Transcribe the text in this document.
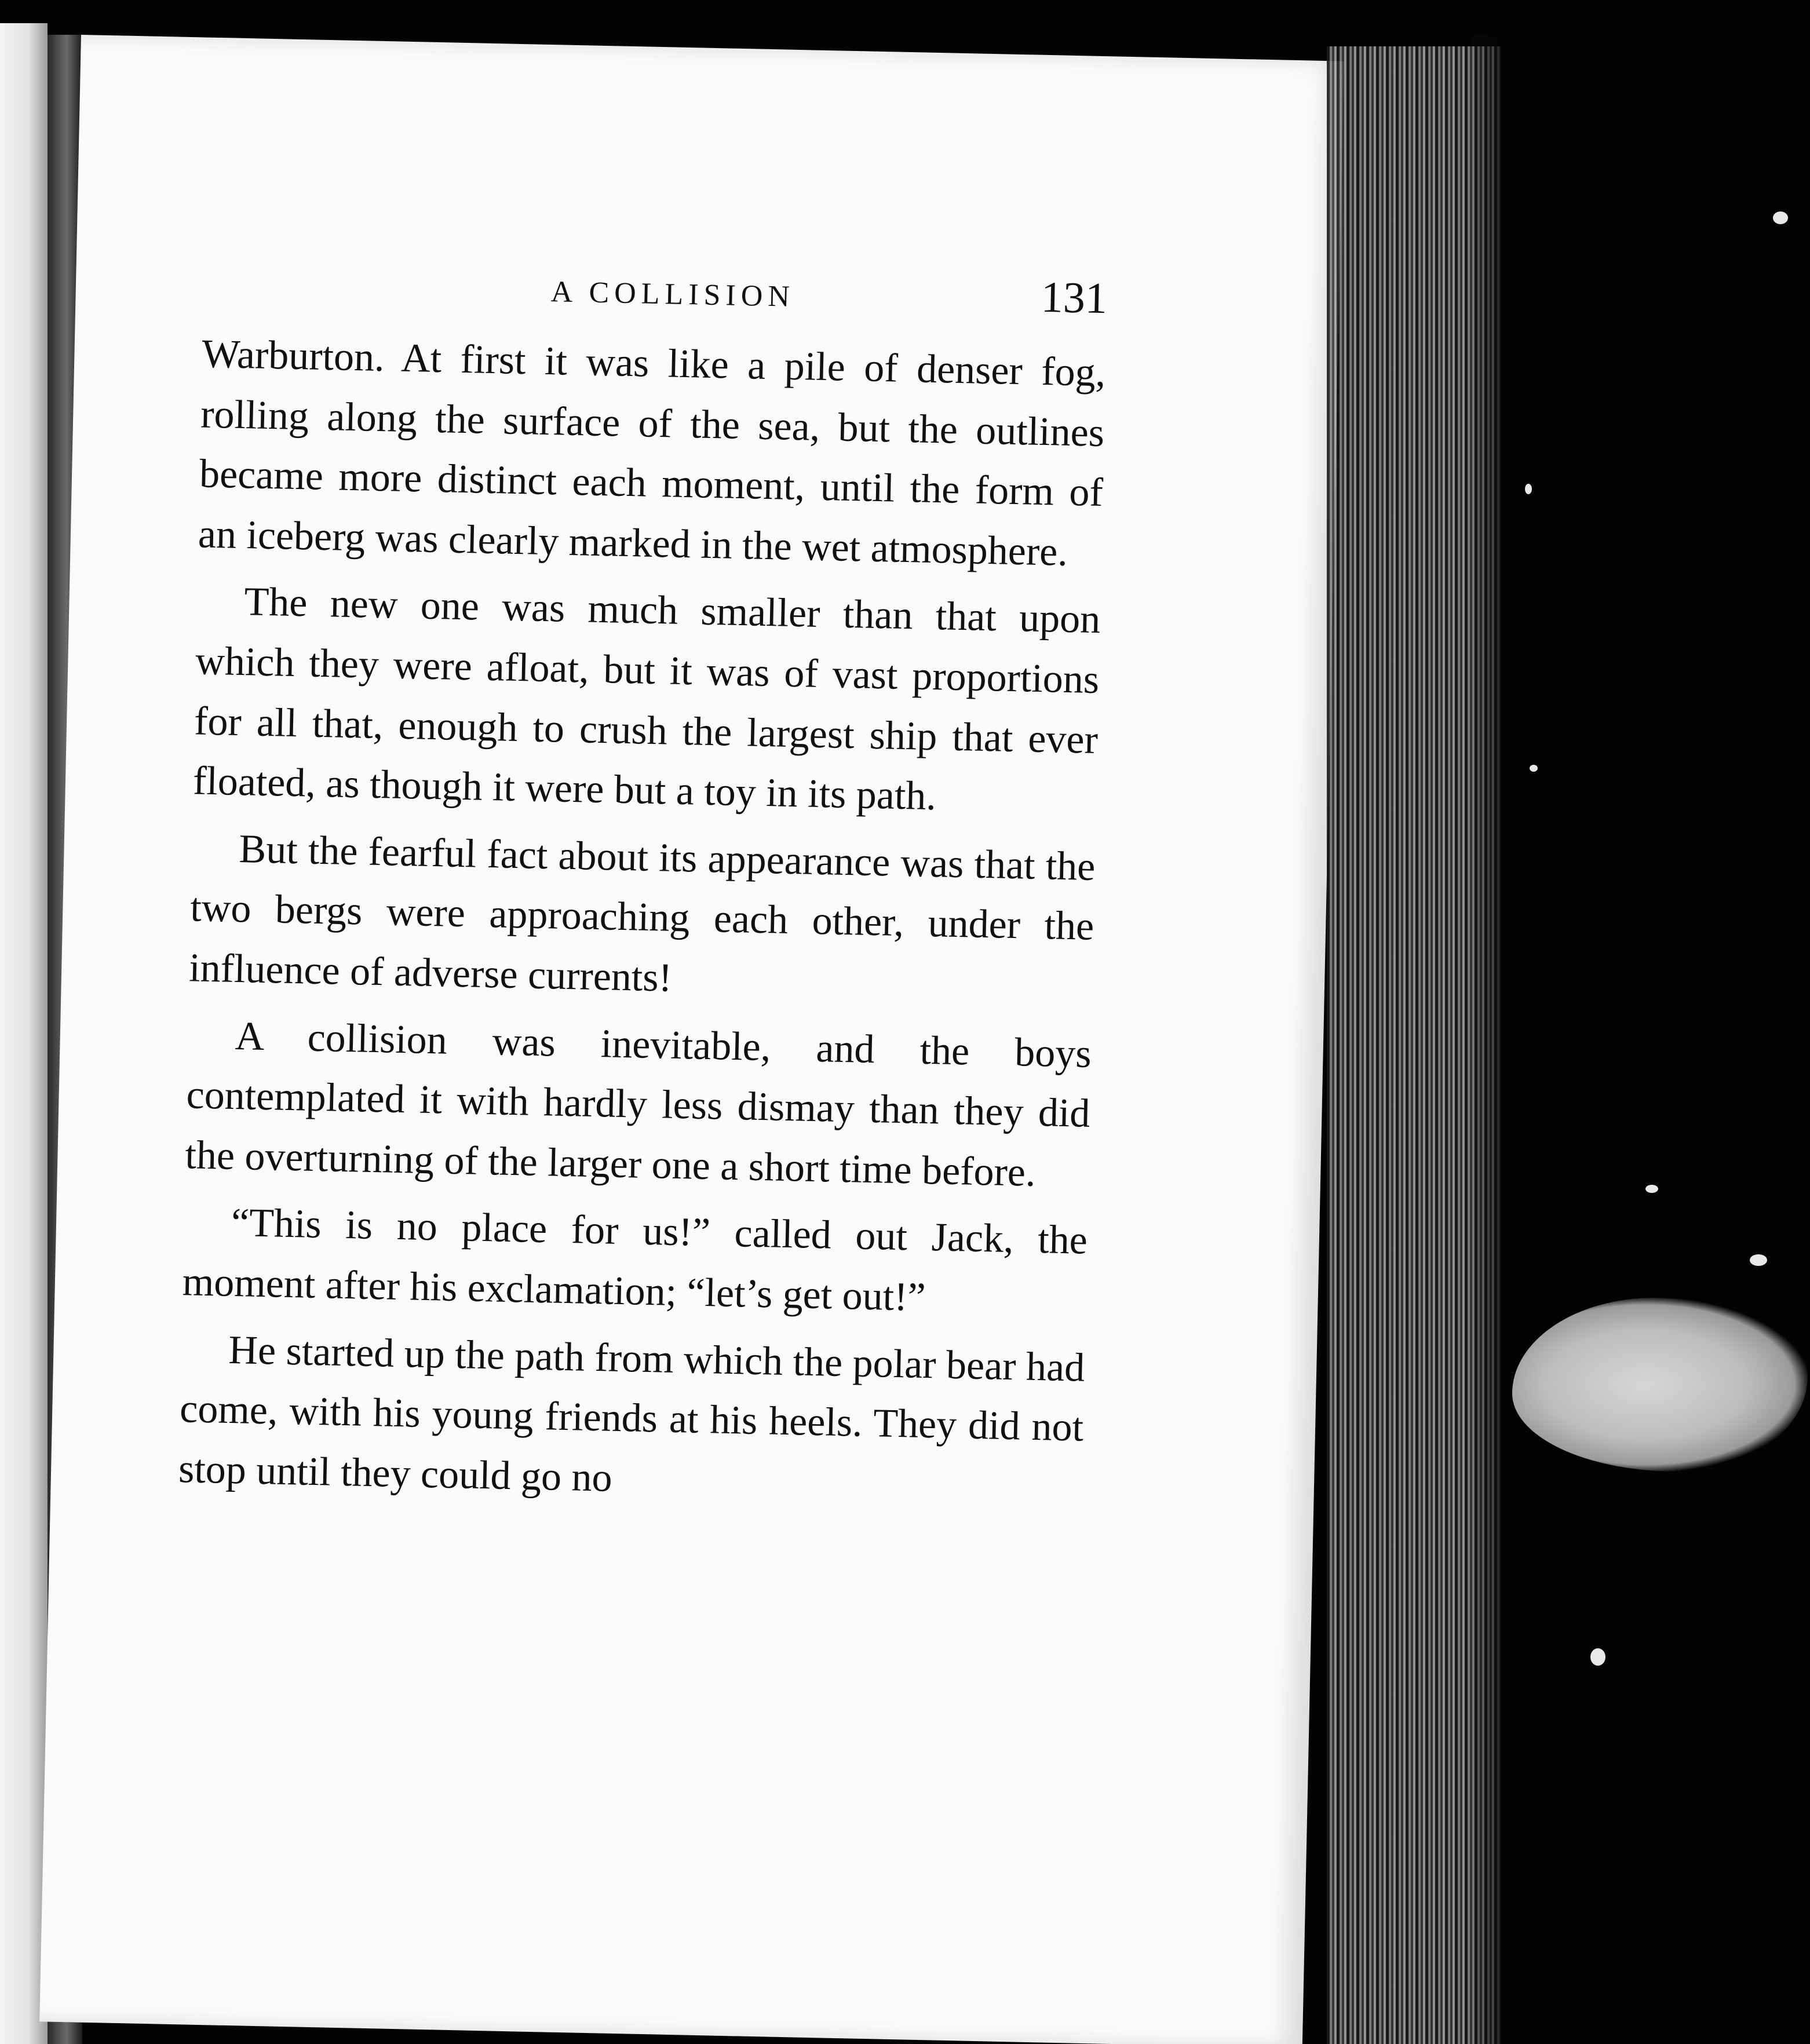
A COLLISION	131

Warburton. At first it was like a pile of denser fog, rolling along the surface of the sea, but the outlines became more distinct each moment, until the form of an iceberg was clearly marked in the wet atmosphere.

The new one was much smaller than that upon which they were afloat, but it was of vast proportions for all that, enough to crush the largest ship that ever floated, as though it were but a toy in its path.

But the fearful fact about its appearance was that the two bergs were approaching each other, under the influence of adverse currents!

A collision was inevitable, and the boys contemplated it with hardly less dismay than they did the overturning of the larger one a short time before.

“This is no place for us!” called out Jack, the moment after his exclamation; “let’s get out!”

He started up the path from which the polar bear had come, with his young friends at his heels. They did not stop until they could go no
